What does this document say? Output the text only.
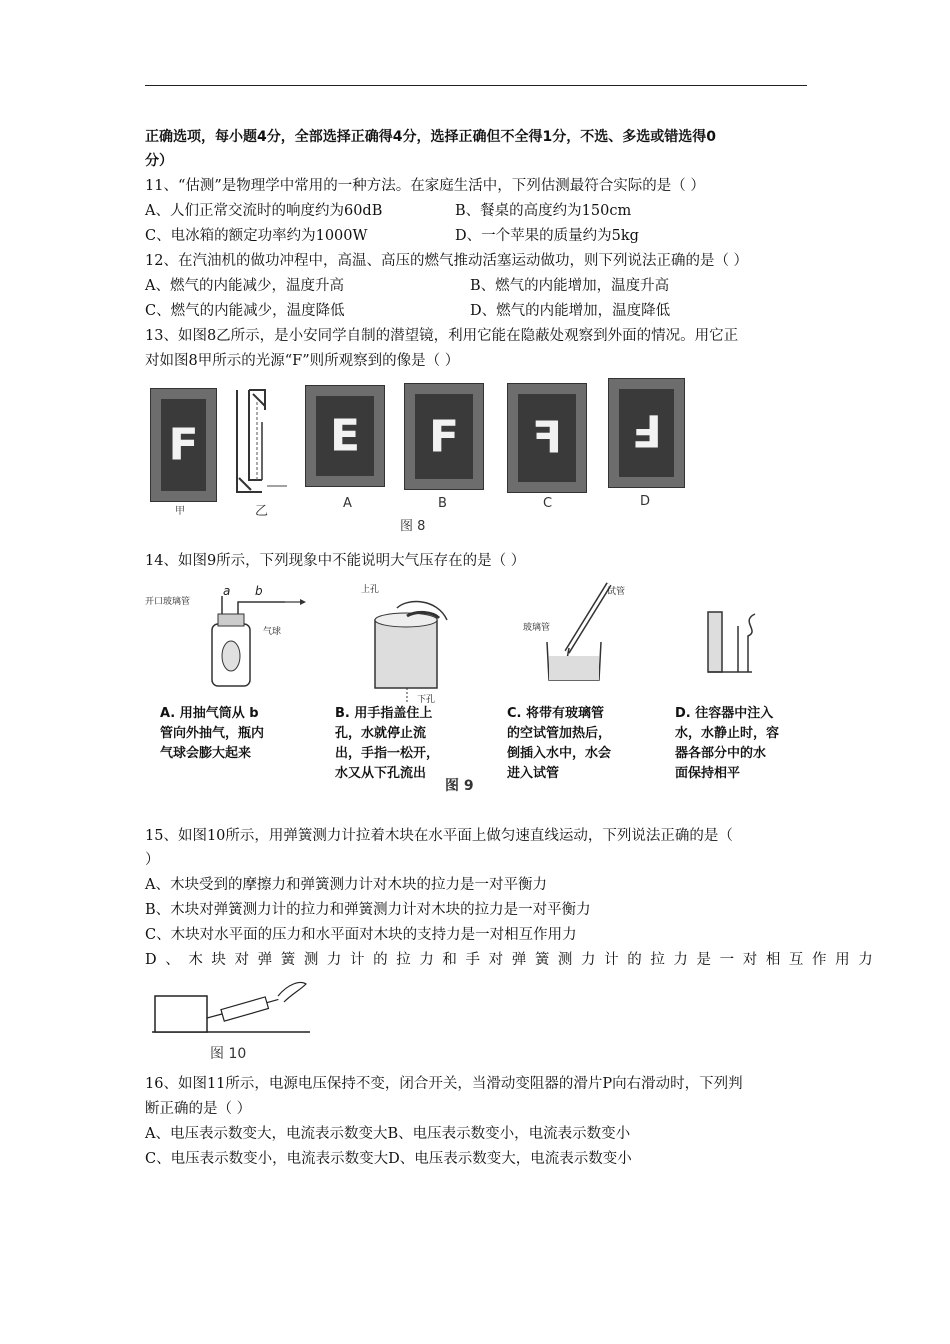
正确选项，每小题4分，全部选择正确得4分，选择正确但不全得1分，不选、多选或错选得0
分）
11、“估测”是物理学中常用的一种方法。在家庭生活中，下列估测最符合实际的是（ ）
A、人们正常交流时的响度约为60dB	B、餐桌的高度约为150cm
C、电冰箱的额定功率约为1000W	D、一个苹果的质量约为5kg
12、在汽油机的做功冲程中，高温、高压的燃气推动活塞运动做功，则下列说法正确的是（ ）
A、燃气的内能减少，温度升高	B、燃气的内能增加，温度升高
C、燃气的内能减少，温度降低	D、燃气的内能增加，温度降低
13、如图8乙所示，是小安同学自制的潜望镜，利用它能在隐蔽处观察到外面的情况。用它正
对如图8甲所示的光源“F”则所观察到的像是（ ）
F	E	F	ꟻ	Ⅎ
甲	乙
A	B	C	D
图 8
14、如图9所示，下列现象中不能说明大气压存在的是（ ）
开口玻璃管
a b
气球
上孔
下孔
玻璃管
试管
A. 用抽气筒从 b
管向外抽气，瓶内
气球会膨大起来
B. 用手指盖住上
孔，水就停止流
出，手指一松开，
水又从下孔流出
C. 将带有玻璃管
的空试管加热后，
倒插入水中，水会
进入试管
D. 往容器中注入
水，水静止时，容
器各部分中的水
面保持相平
图 9
15、如图10所示，用弹簧测力计拉着木块在水平面上做匀速直线运动，下列说法正确的是（
）
A、木块受到的摩擦力和弹簧测力计对木块的拉力是一对平衡力
B、木块对弹簧测力计的拉力和弹簧测力计对木块的拉力是一对平衡力
C、木块对水平面的压力和水平面对木块的支持力是一对相互作用力
D、木块对弹簧测力计的拉力和手对弹簧测力计的拉力是一对相互作用力
图 10
16、如图11所示，电源电压保持不变，闭合开关，当滑动变阻器的滑片P向右滑动时，下列判
断正确的是（ ）
A、电压表示数变大，电流表示数变大B、电压表示数变小，电流表示数变小
C、电压表示数变小，电流表示数变大D、电压表示数变大，电流表示数变小
